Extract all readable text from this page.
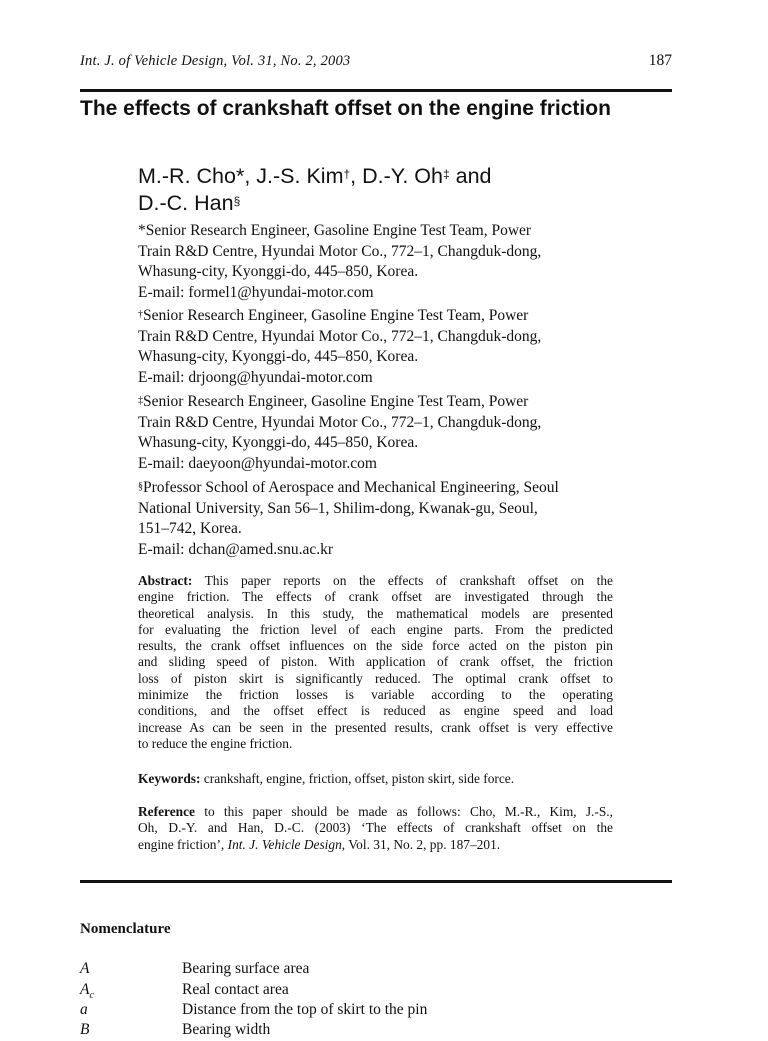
Int. J. of Vehicle Design, Vol. 31, No. 2, 2003	187
The effects of crankshaft offset on the engine friction
M.-R. Cho*, J.-S. Kim†, D.-Y. Oh‡ and
D.-C. Han§
*Senior Research Engineer, Gasoline Engine Test Team, Power
Train R&D Centre, Hyundai Motor Co., 772–1, Changduk-dong,
Whasung-city, Kyonggi-do, 445–850, Korea.
E-mail: formel1@hyundai-motor.com
†Senior Research Engineer, Gasoline Engine Test Team, Power
Train R&D Centre, Hyundai Motor Co., 772–1, Changduk-dong,
Whasung-city, Kyonggi-do, 445–850, Korea.
E-mail: drjoong@hyundai-motor.com
‡Senior Research Engineer, Gasoline Engine Test Team, Power
Train R&D Centre, Hyundai Motor Co., 772–1, Changduk-dong,
Whasung-city, Kyonggi-do, 445–850, Korea.
E-mail: daeyoon@hyundai-motor.com
§Professor School of Aerospace and Mechanical Engineering, Seoul
National University, San 56–1, Shilim-dong, Kwanak-gu, Seoul,
151–742, Korea.
E-mail: dchan@amed.snu.ac.kr
Abstract: This paper reports on the effects of crankshaft offset on the
engine friction. The effects of crank offset are investigated through the
theoretical analysis. In this study, the mathematical models are presented
for evaluating the friction level of each engine parts. From the predicted
results, the crank offset influences on the side force acted on the piston pin
and sliding speed of piston. With application of crank offset, the friction
loss of piston skirt is significantly reduced. The optimal crank offset to
minimize the friction losses is variable according to the operating
conditions, and the offset effect is reduced as engine speed and load
increase As can be seen in the presented results, crank offset is very effective
to reduce the engine friction.
Keywords: crankshaft, engine, friction, offset, piston skirt, side force.
Reference to this paper should be made as follows: Cho, M.-R., Kim, J.-S.,
Oh, D.-Y. and Han, D.-C. (2003) ‘The effects of crankshaft offset on the
engine friction’, Int. J. Vehicle Design, Vol. 31, No. 2, pp. 187–201.
Nomenclature
A	Bearing surface area
$A_c$	Real contact area
a	Distance from the top of skirt to the pin
B	Bearing width
